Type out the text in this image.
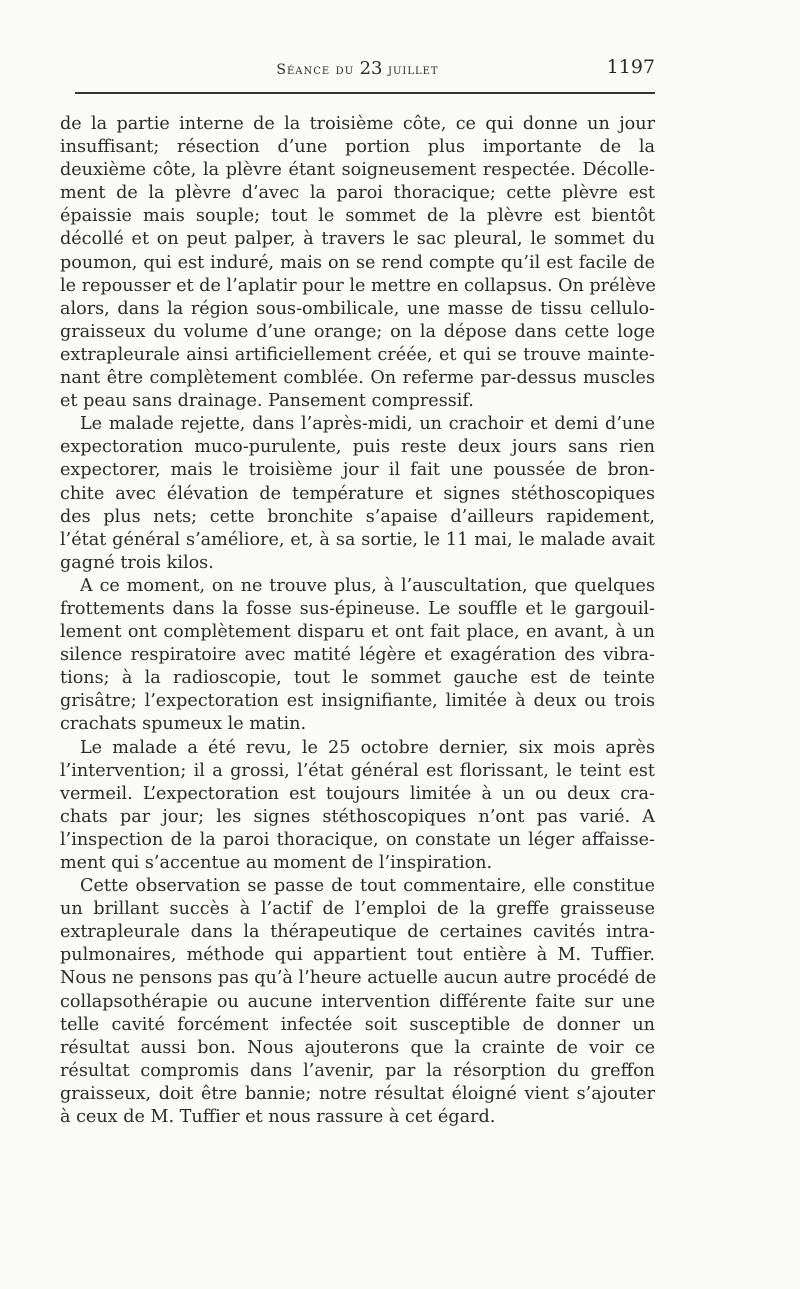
Séance du 23 juillet	1197
de la partie interne de la troisième côte, ce qui donne un jour
insuffisant; résection d’une portion plus importante de la
deuxième côte, la plèvre étant soigneusement respectée. Décolle-
ment de la plèvre d’avec la paroi thoracique; cette plèvre est
épaissie mais souple; tout le sommet de la plèvre est bientôt
décollé et on peut palper, à travers le sac pleural, le sommet du
poumon, qui est induré, mais on se rend compte qu’il est facile de
le repousser et de l’aplatir pour le mettre en collapsus. On prélève
alors, dans la région sous-ombilicale, une masse de tissu cellulo-
graisseux du volume d’une orange; on la dépose dans cette loge
extrapleurale ainsi artificiellement créée, et qui se trouve mainte-
nant être complètement comblée. On referme par-dessus muscles
et peau sans drainage. Pansement compressif.
Le malade rejette, dans l’après-midi, un crachoir et demi d’une
expectoration muco-purulente, puis reste deux jours sans rien
expectorer, mais le troisième jour il fait une poussée de bron-
chite avec élévation de température et signes stéthoscopiques
des plus nets; cette bronchite s’apaise d’ailleurs rapidement,
l’état général s’améliore, et, à sa sortie, le 11 mai, le malade avait
gagné trois kilos.
A ce moment, on ne trouve plus, à l’auscultation, que quelques
frottements dans la fosse sus-épineuse. Le souffle et le gargouil-
lement ont complètement disparu et ont fait place, en avant, à un
silence respiratoire avec matité légère et exagération des vibra-
tions; à la radioscopie, tout le sommet gauche est de teinte
grisâtre; l’expectoration est insignifiante, limitée à deux ou trois
crachats spumeux le matin.
Le malade a été revu, le 25 octobre dernier, six mois après
l’intervention; il a grossi, l’état général est florissant, le teint est
vermeil. L’expectoration est toujours limitée à un ou deux cra-
chats par jour; les signes stéthoscopiques n’ont pas varié. A
l’inspection de la paroi thoracique, on constate un léger affaisse-
ment qui s’accentue au moment de l’inspiration.
Cette observation se passe de tout commentaire, elle constitue
un brillant succès à l’actif de l’emploi de la greffe graisseuse
extrapleurale dans la thérapeutique de certaines cavités intra-
pulmonaires, méthode qui appartient tout entière à M. Tuffier.
Nous ne pensons pas qu’à l’heure actuelle aucun autre procédé de
collapsothérapie ou aucune intervention différente faite sur une
telle cavité forcément infectée soit susceptible de donner un
résultat aussi bon. Nous ajouterons que la crainte de voir ce
résultat compromis dans l’avenir, par la résorption du greffon
graisseux, doit être bannie; notre résultat éloigné vient s’ajouter
à ceux de M. Tuffier et nous rassure à cet égard.
